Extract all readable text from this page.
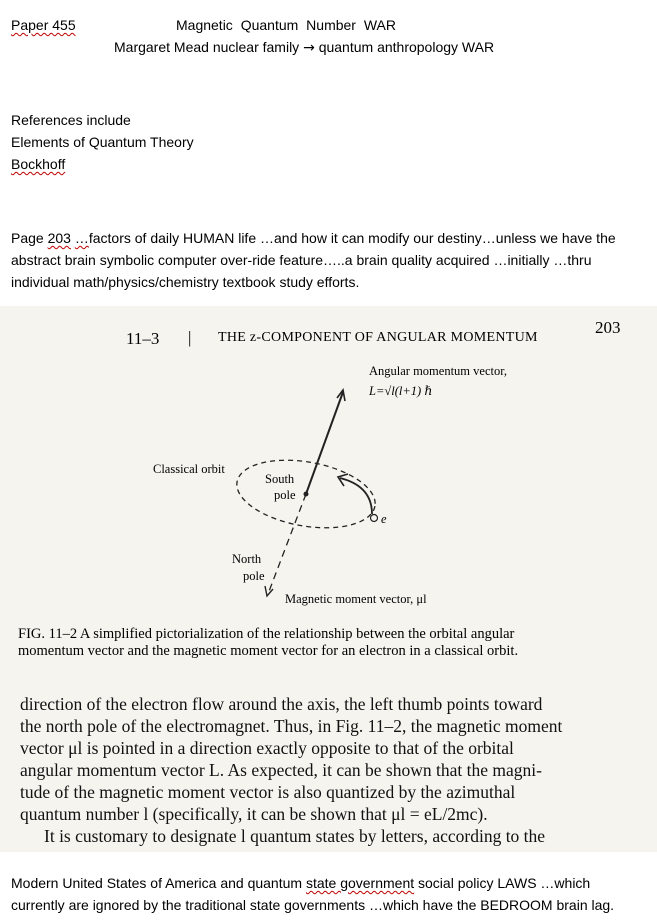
Paper 455	Magnetic Quantum Number WAR
Margaret Mead nuclear family → quantum anthropology WAR
References include
Elements of Quantum Theory
Bockhoff
Page 203 …factors of daily HUMAN life …and how it can modify our destiny…unless we have the
abstract brain symbolic computer over-ride feature…..a brain quality acquired …initially …thru
individual math/physics/chemistry textbook study efforts.
11–3 | THE z-COMPONENT OF ANGULAR MOMENTUM
203
Angular momentum vector,
L=√l(l+1) ℏ
Classical orbit
South
pole
North
pole
e
Magnetic moment vector, μl
FIG. 11–2 A simplified pictorialization of the relationship between the orbital angular
momentum vector and the magnetic moment vector for an electron in a classical orbit.
direction of the electron flow around the axis, the left thumb points toward
the north pole of the electromagnet. Thus, in Fig. 11–2, the magnetic moment
vector μl is pointed in a direction exactly opposite to that of the orbital
angular momentum vector L. As expected, it can be shown that the magni-
tude of the magnetic moment vector is also quantized by the azimuthal
quantum number l (specifically, it can be shown that μl = eL/2mc).
It is customary to designate l quantum states by letters, according to the
Modern United States of America and quantum state government social policy LAWS …which
currently are ignored by the traditional state governments …which have the BEDROOM brain lag.
